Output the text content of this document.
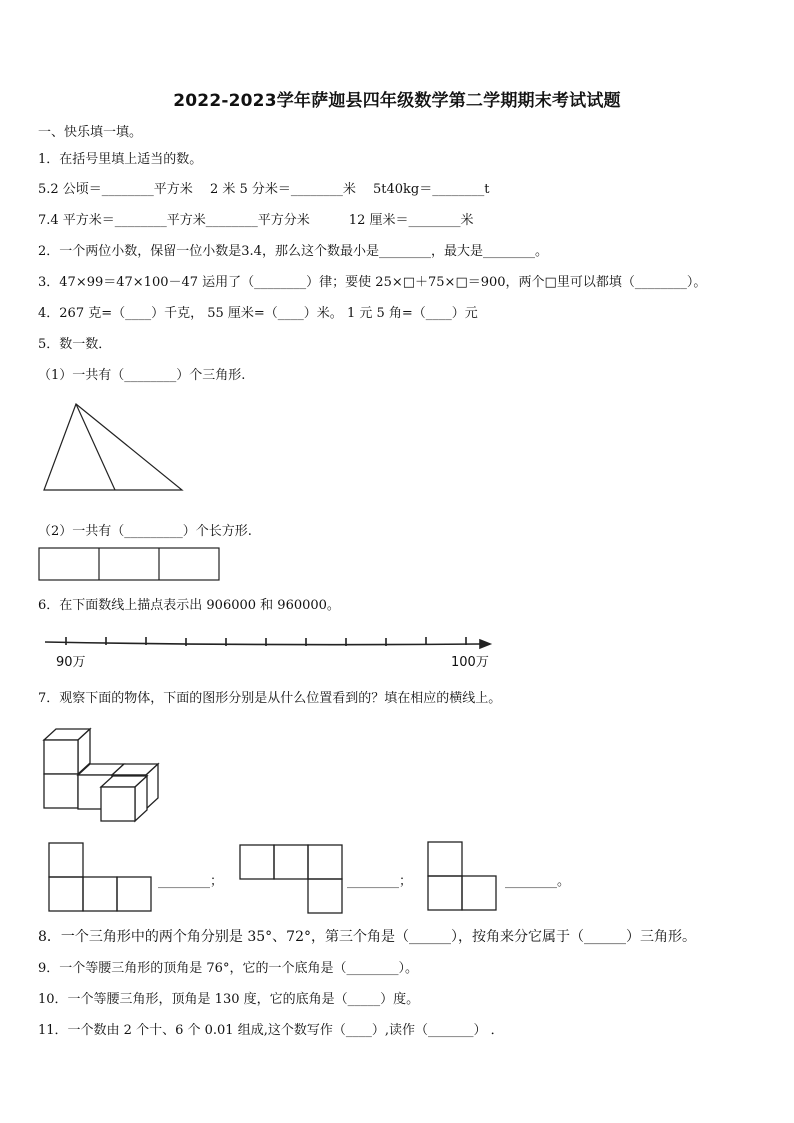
2022-2023学年萨迦县四年级数学第二学期期末考试试题
一、快乐填一填。
1．在括号里填上适当的数。
5.2 公顷＝________平方米　 2 米 5 分米＝________米　 5t40kg＝________t
7.4 平方米＝________平方米________平方分米　　　12 厘米＝________米
2．一个两位小数，保留一位小数是3.4，那么这个数最小是________，最大是________。
3．47×99＝47×100－47 运用了（________）律；要使 25×□＋75×□＝900，两个□里可以都填（________）。
4．267 克=（____）千克， 55 厘米=（____）米。 1 元 5 角=（____）元
5．数一数．
（1）一共有（________）个三角形.
（2）一共有（_________）个长方形.
6．在下面数线上描点表示出 906000 和 960000。
90万	100万
7．观察下面的物体，下面的图形分别是从什么位置看到的？填在相应的横线上。
________；	________；	________。
8．一个三角形中的两个角分别是 35°、72°，第三个角是（______），按角来分它属于（______）三角形。
9．一个等腰三角形的顶角是 76°，它的一个底角是（________）。
10．一个等腰三角形，顶角是 130 度，它的底角是（_____）度。
11．一个数由 2 个十、6 个 0.01 组成,这个数写作（____）,读作（_______） ．
